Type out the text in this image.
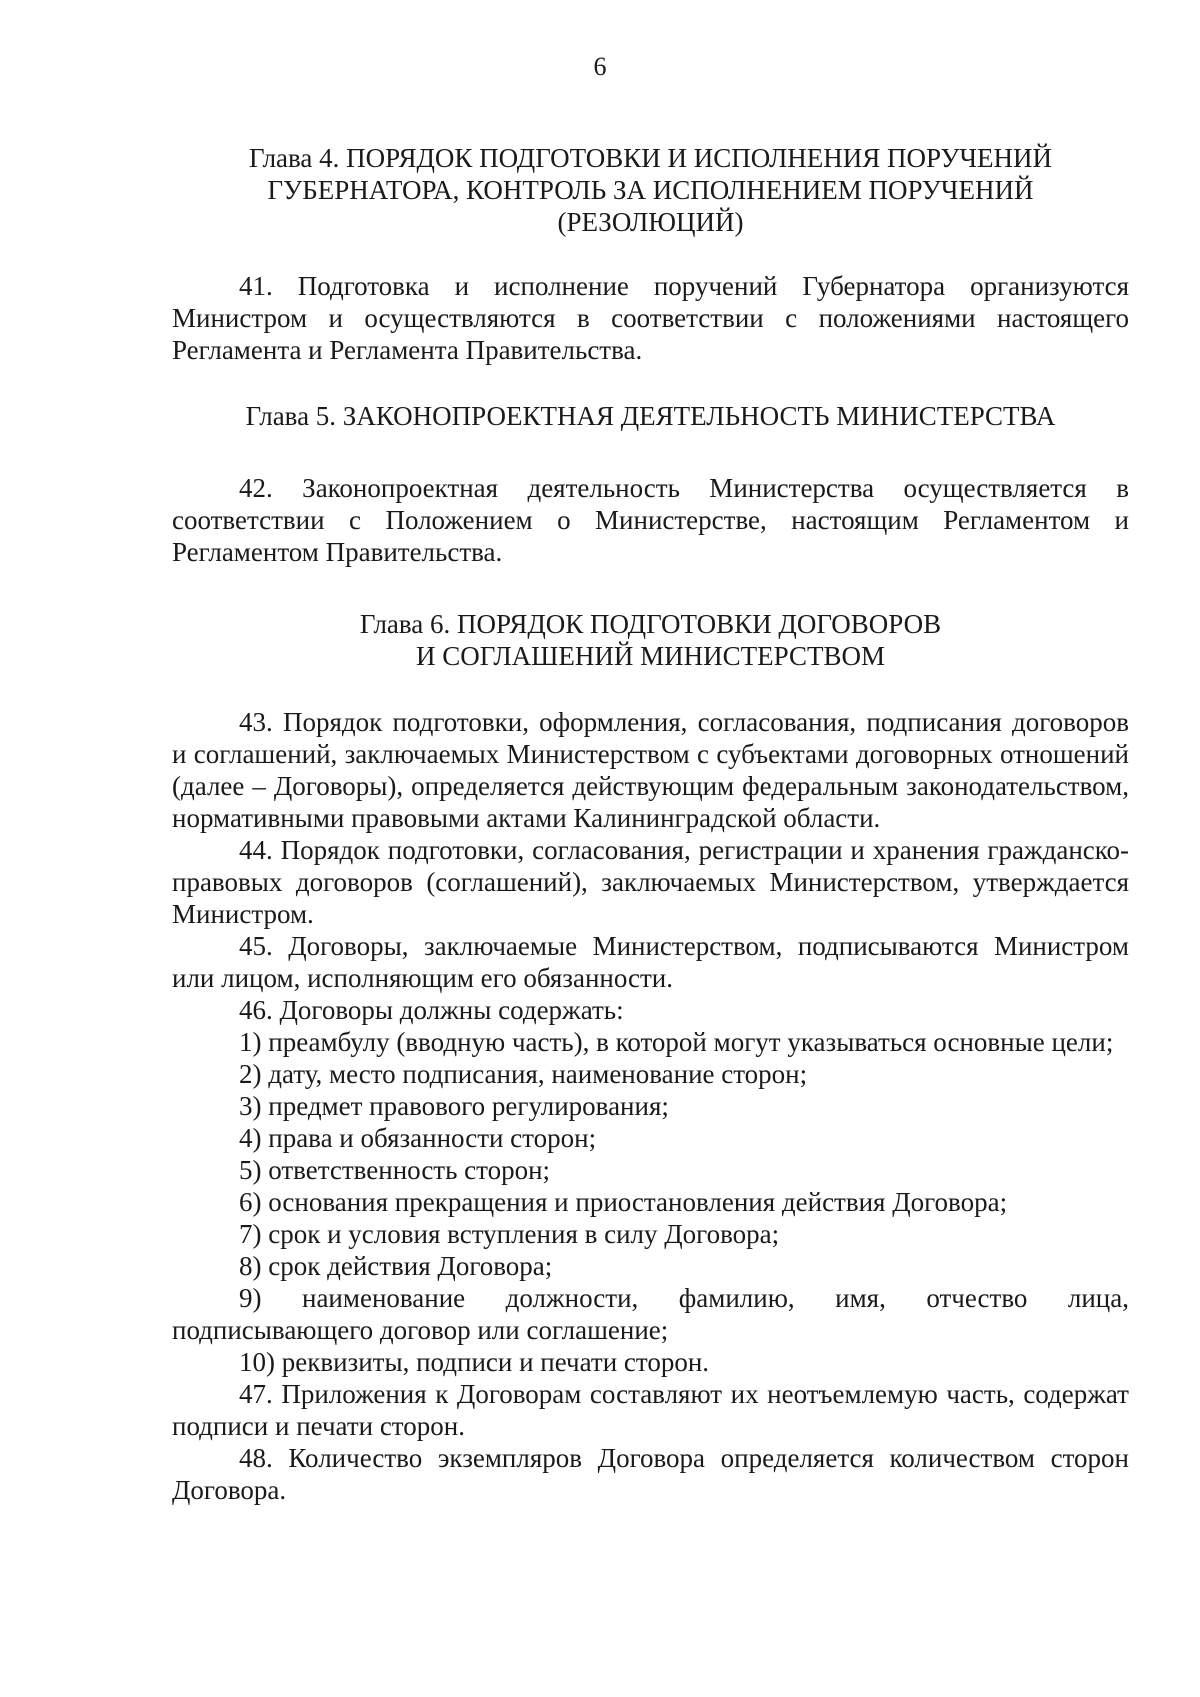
6
Глава 4. ПОРЯДОК ПОДГОТОВКИ И ИСПОЛНЕНИЯ ПОРУЧЕНИЙ
ГУБЕРНАТОРА, КОНТРОЛЬ ЗА ИСПОЛНЕНИЕМ ПОРУЧЕНИЙ
(РЕЗОЛЮЦИЙ)

41. Подготовка и исполнение поручений Губернатора организуются Министром и осуществляются в соответствии с положениями настоящего Регламента и Регламента Правительства.

Глава 5. ЗАКОНОПРОЕКТНАЯ ДЕЯТЕЛЬНОСТЬ МИНИСТЕРСТВА

42. Законопроектная деятельность Министерства осуществляется в соответствии с Положением о Министерстве, настоящим Регламентом и Регламентом Правительства.

Глава 6. ПОРЯДОК ПОДГОТОВКИ ДОГОВОРОВ
И СОГЛАШЕНИЙ МИНИСТЕРСТВОМ

43. Порядок подготовки, оформления, согласования, подписания договоров и соглашений, заключаемых Министерством с субъектами договорных отношений (далее – Договоры), определяется действующим федеральным законодательством, нормативными правовыми актами Калининградской области.

44. Порядок подготовки, согласования, регистрации и хранения гражданско-правовых договоров (соглашений), заключаемых Министерством, утверждается Министром.

45. Договоры, заключаемые Министерством, подписываются Министром или лицом, исполняющим его обязанности.

46. Договоры должны содержать:

1) преамбулу (вводную часть), в которой могут указываться основные цели;

2) дату, место подписания, наименование сторон;

3) предмет правового регулирования;

4) права и обязанности сторон;

5) ответственность сторон;

6) основания прекращения и приостановления действия Договора;

7) срок и условия вступления в силу Договора;

8) срок действия Договора;

9) наименование должности, фамилию, имя, отчество лица, подписывающего договор или соглашение;

10) реквизиты, подписи и печати сторон.

47. Приложения к Договорам составляют их неотъемлемую часть, содержат подписи и печати сторон.

48. Количество экземпляров Договора определяется количеством сторон Договора.
